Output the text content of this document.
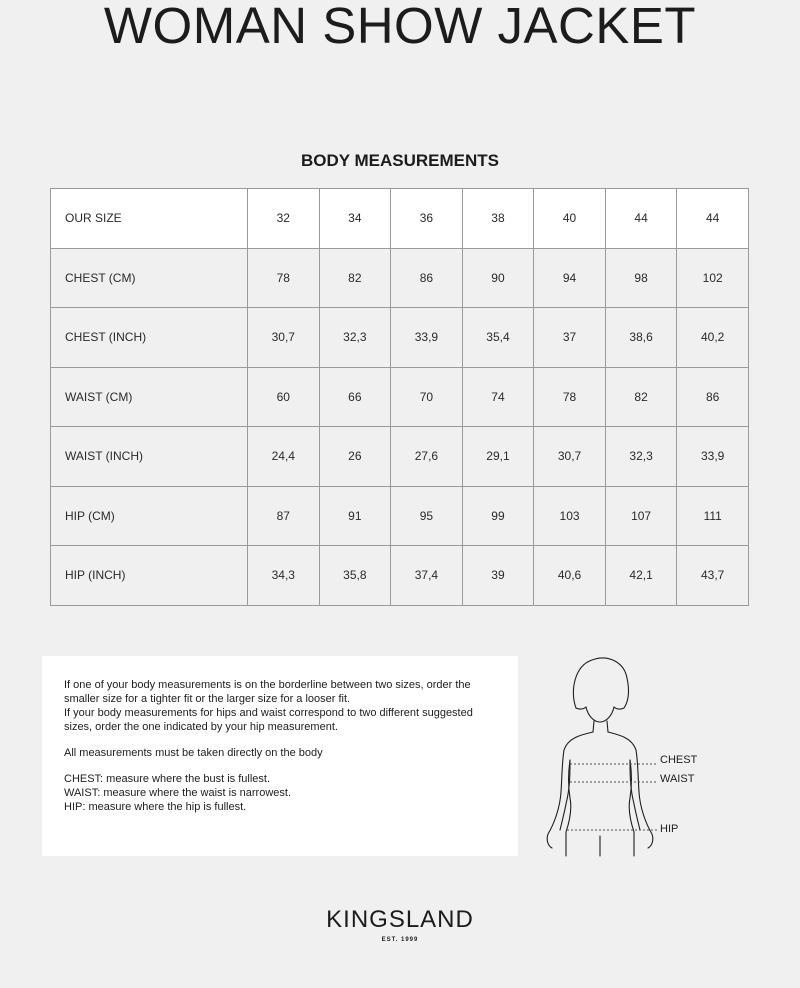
WOMAN SHOW JACKET
BODY MEASUREMENTS
OUR SIZE	32	34	36	38	40	44	44
CHEST (CM)	78	82	86	90	94	98	102
CHEST (INCH)	30,7	32,3	33,9	35,4	37	38,6	40,2
WAIST (CM)	60	66	70	74	78	82	86
WAIST (INCH)	24,4	26	27,6	29,1	30,7	32,3	33,9
HIP (CM)	87	91	95	99	103	107	111
HIP (INCH)	34,3	35,8	37,4	39	40,6	42,1	43,7

If one of your body measurements is on the borderline between two sizes, order the

smaller size for a tighter fit or the larger size for a looser fit.

If your body measurements for hips and waist correspond to two different suggested

sizes, order the one indicated by your hip measurement.

All measurements must be taken directly on the body

CHEST: measure where the bust is fullest.

WAIST: measure where the waist is narrowest.

HIP: measure where the hip is fullest.

CHEST
WAIST
HIP
KINGSLAND
EST. 1999
